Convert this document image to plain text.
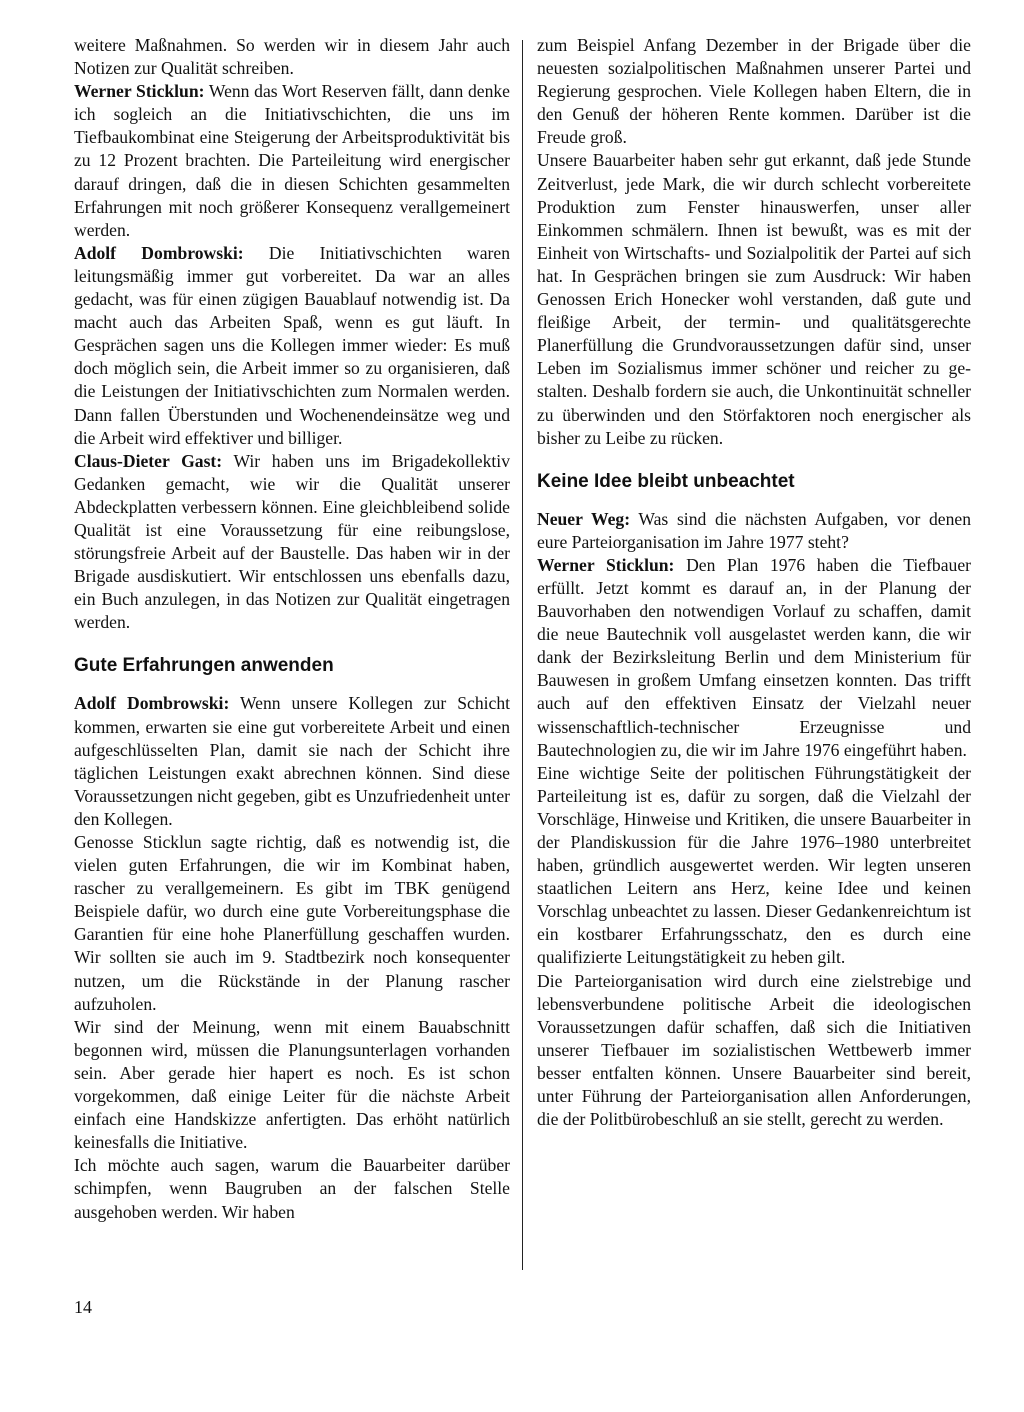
weitere Maßnahmen. So werden wir in diesem Jahr auch Notizen zur Qualität schreiben.

Werner Sticklun: Wenn das Wort Reserven fällt, dann denke ich sogleich an die Initiativschichten, die uns im Tiefbaukombinat eine Steigerung der Arbeitsproduktivität bis zu 12 Prozent brachten. Die Parteileitung wird energischer darauf dringen, daß die in diesen Schichten gesammelten Erfahrungen mit noch größerer Konsequenz verallgemeinert werden.

Adolf Dombrowski: Die Initiativschichten waren leitungsmäßig immer gut vorbereitet. Da war an alles gedacht, was für einen zügigen Bauablauf notwendig ist. Da macht auch das Arbeiten Spaß, wenn es gut läuft. In Gesprächen sagen uns die Kollegen immer wieder: Es muß doch möglich sein, die Arbeit immer so zu organisieren, daß die Leistungen der Initiativschichten zum Normalen werden. Dann fallen Überstunden und Wochenendeinsätze weg und die Arbeit wird effektiver und billiger.

Claus-Dieter Gast: Wir haben uns im Brigadekollektiv Gedanken gemacht, wie wir die Qualität unserer Abdeckplatten verbessern können. Eine gleichbleibend solide Qualität ist eine Voraussetzung für eine reibungslose, störungsfreie Arbeit auf der Baustelle. Das haben wir in der Brigade ausdiskutiert. Wir entschlossen uns ebenfalls dazu, ein Buch anzulegen, in das Notizen zur Qualität eingetragen werden.

Gute Erfahrungen anwenden

Adolf Dombrowski: Wenn unsere Kollegen zur Schicht kommen, erwarten sie eine gut vorbereitete Arbeit und einen aufgeschlüsselten Plan, damit sie nach der Schicht ihre täglichen Leistungen exakt abrechnen können. Sind diese Voraussetzungen nicht gegeben, gibt es Unzufriedenheit unter den Kollegen.

Genosse Sticklun sagte richtig, daß es notwendig ist, die vielen guten Erfahrungen, die wir im Kombinat haben, rascher zu verallgemeinern. Es gibt im TBK genügend Beispiele dafür, wo durch eine gute Vorbereitungsphase die Garantien für eine hohe Planerfüllung geschaffen wurden. Wir sollten sie auch im 9. Stadtbezirk noch konsequenter nutzen, um die Rückstände in der Planung rascher aufzuholen.

Wir sind der Meinung, wenn mit einem Bauabschnitt begonnen wird, müssen die Planungsunterlagen vorhanden sein. Aber gerade hier hapert es noch. Es ist schon vorgekommen, daß einige Leiter für die nächste Arbeit einfach eine Handskizze anfertigten. Das erhöht natürlich keinesfalls die Initiative.

Ich möchte auch sagen, warum die Bauarbeiter darüber schimpfen, wenn Baugruben an der falschen Stelle ausgehoben werden. Wir haben

zum Beispiel Anfang Dezember in der Brigade über die neuesten sozialpolitischen Maßnahmen unserer Partei und Regierung gesprochen. Viele Kollegen haben Eltern, die in den Genuß der höheren Rente kommen. Darüber ist die Freude groß.

Unsere Bauarbeiter haben sehr gut erkannt, daß jede Stunde Zeitverlust, jede Mark, die wir durch schlecht vorbereitete Produktion zum Fenster hinauswerfen, unser aller Einkommen schmälern. Ihnen ist bewußt, was es mit der Einheit von Wirtschafts- und Sozialpolitik der Partei auf sich hat. In Gesprächen bringen sie zum Ausdruck: Wir haben Genossen Erich Honecker wohl verstanden, daß gute und fleißige Arbeit, der termin- und qualitätsgerechte Planerfüllung die Grundvoraussetzungen dafür sind, unser Leben im Sozialismus immer schöner und reicher zu gestalten. Deshalb fordern sie auch, die Unkontinuität schneller zu überwinden und den Störfaktoren noch energischer als bisher zu Leibe zu rücken.

Keine Idee bleibt unbeachtet

Neuer Weg: Was sind die nächsten Aufgaben, vor denen eure Parteiorganisation im Jahre 1977 steht?

Werner Sticklun: Den Plan 1976 haben die Tiefbauer erfüllt. Jetzt kommt es darauf an, in der Planung der Bauvorhaben den notwendigen Vorlauf zu schaffen, damit die neue Bautechnik voll ausgelastet werden kann, die wir dank der Bezirksleitung Berlin und dem Ministerium für Bauwesen in großem Umfang einsetzen konnten. Das trifft auch auf den effektiven Einsatz der Vielzahl neuer wissenschaftlich-technischer Erzeugnisse und Bautechnologien zu, die wir im Jahre 1976 eingeführt haben.

Eine wichtige Seite der politischen Führungstätigkeit der Parteileitung ist es, dafür zu sorgen, daß die Vielzahl der Vorschläge, Hinweise und Kritiken, die unsere Bauarbeiter in der Plandiskussion für die Jahre 1976–1980 unterbreitet haben, gründlich ausgewertet werden. Wir legten unseren staatlichen Leitern ans Herz, keine Idee und keinen Vorschlag unbeachtet zu lassen. Dieser Gedankenreichtum ist ein kostbarer Erfahrungsschatz, den es durch eine qualifizierte Leitungstätigkeit zu heben gilt.

Die Parteiorganisation wird durch eine zielstrebige und lebensverbundene politische Arbeit die ideologischen Voraussetzungen dafür schaffen, daß sich die Initiativen unserer Tiefbauer im sozialistischen Wettbewerb immer besser entfalten können. Unsere Bauarbeiter sind bereit, unter Führung der Parteiorganisation allen Anforderungen, die der Politbürobeschluß an sie stellt, gerecht zu werden.

14
